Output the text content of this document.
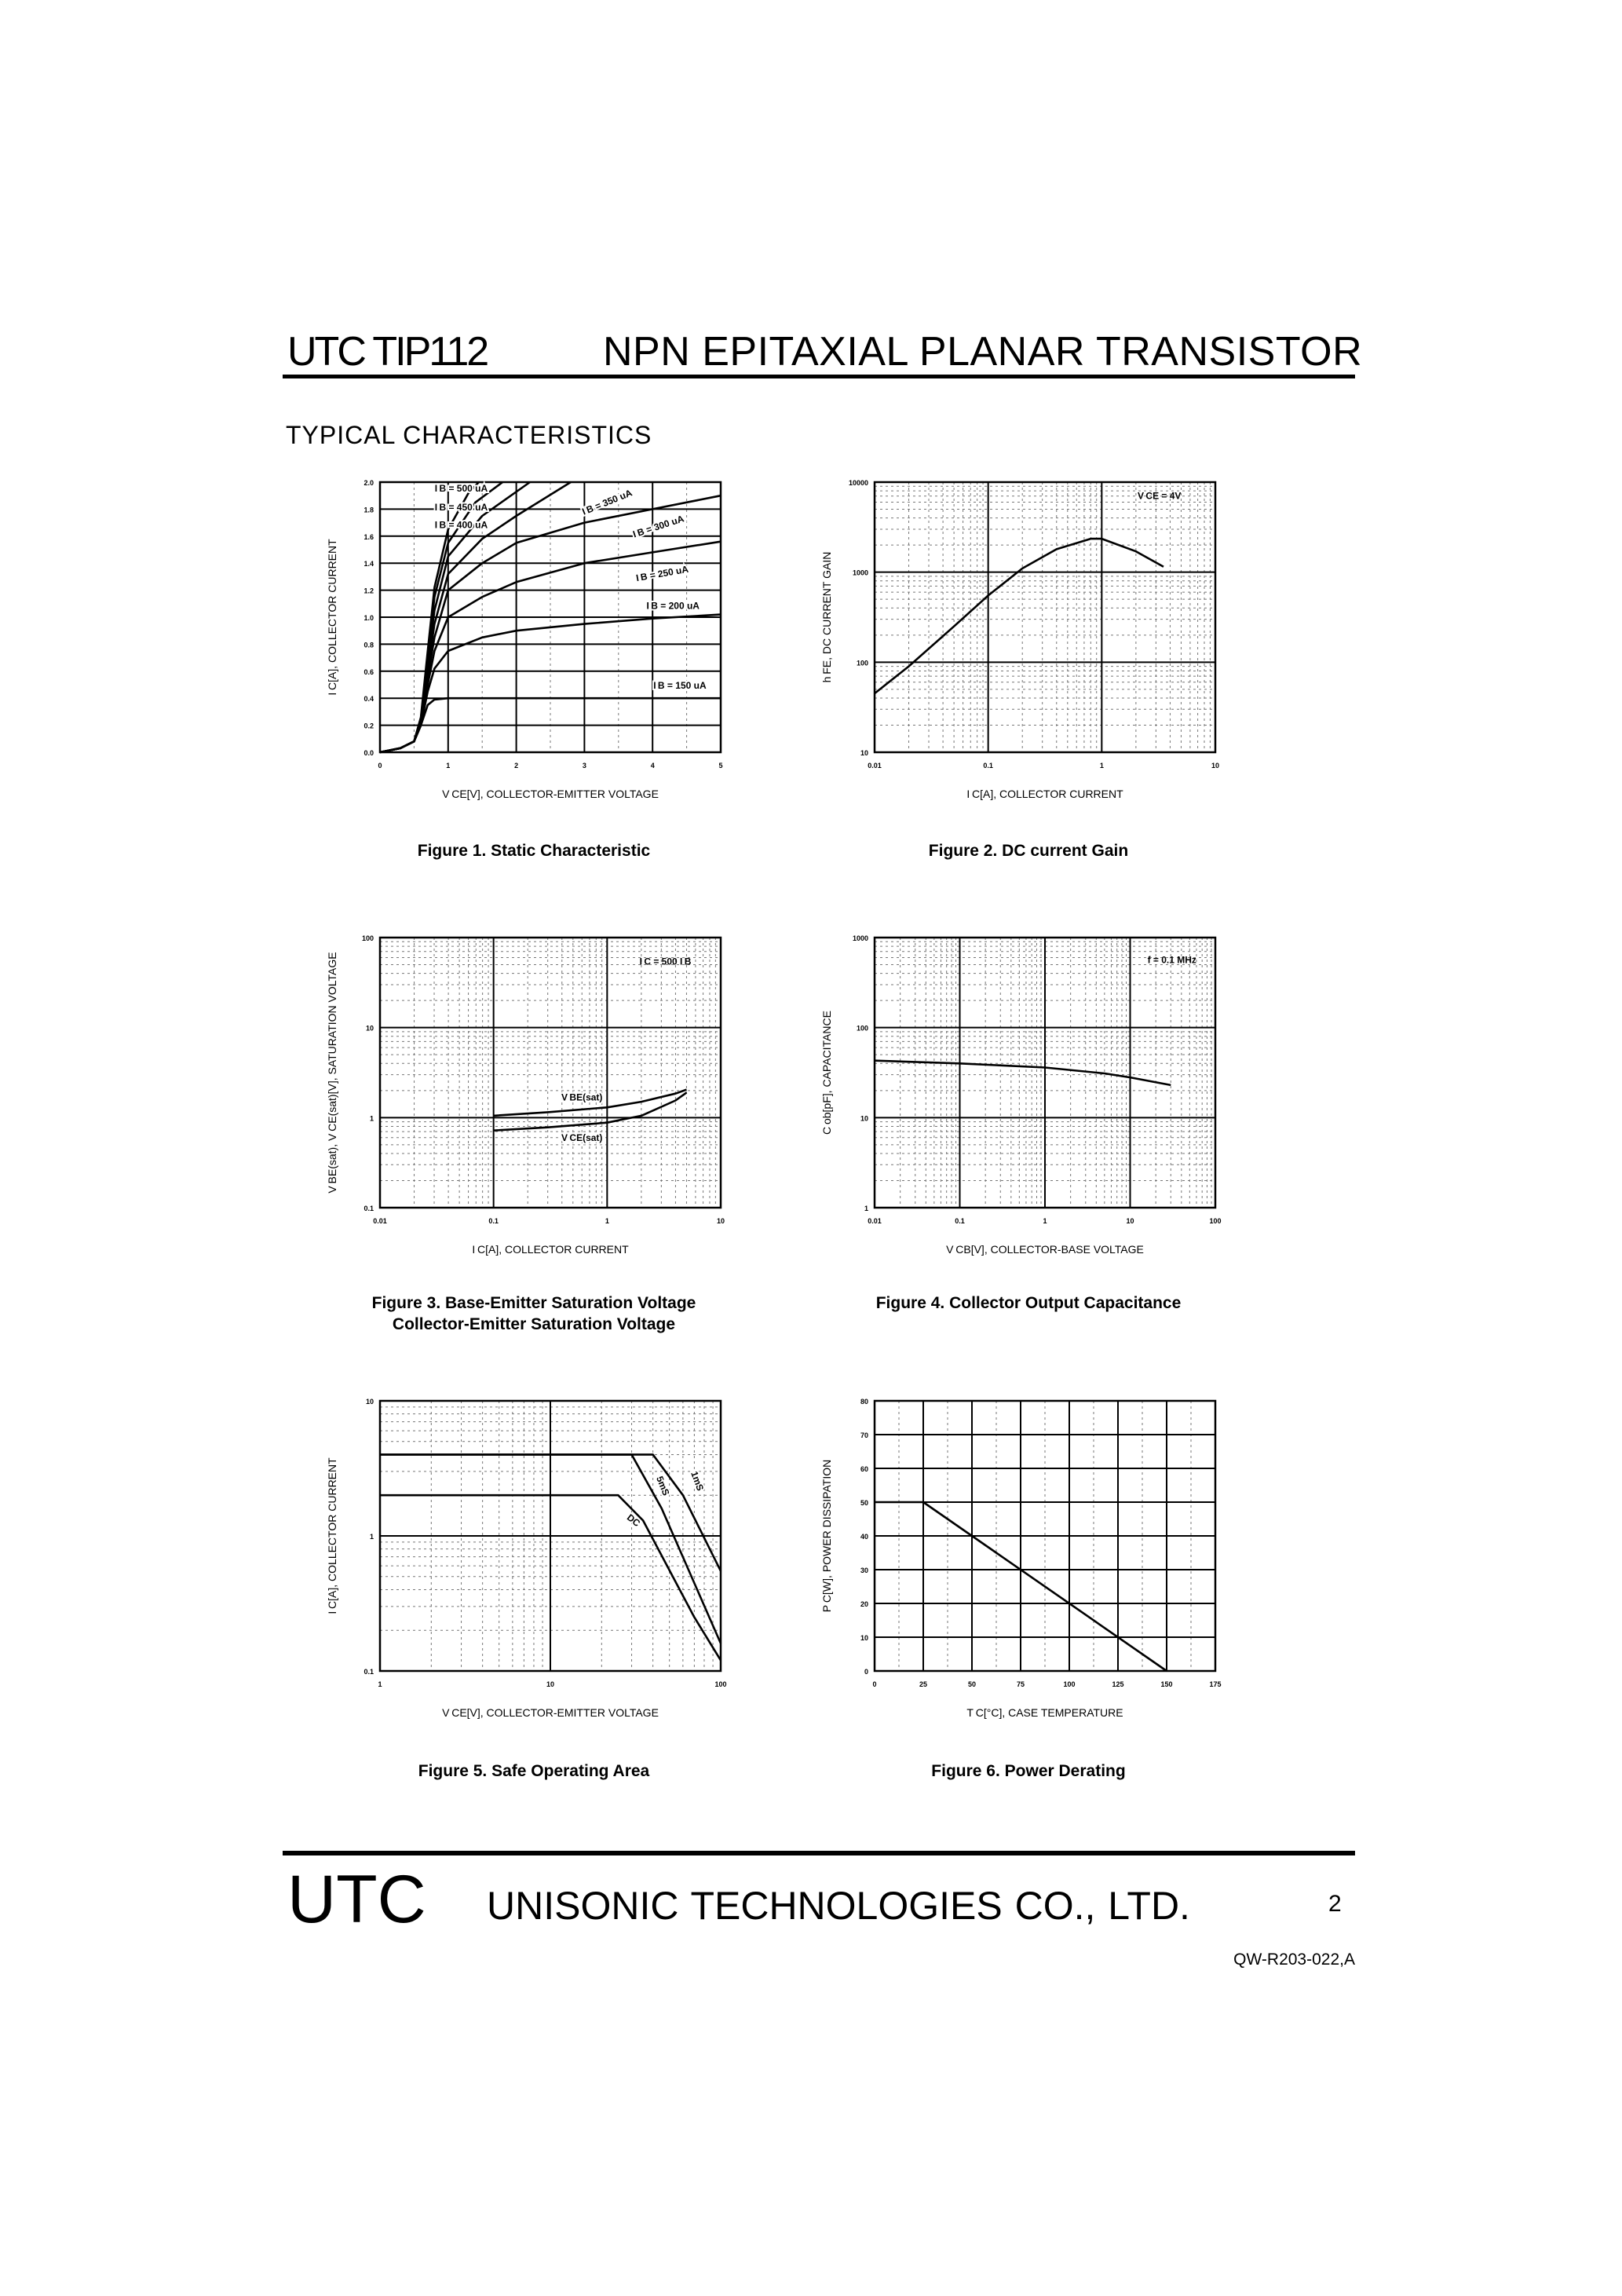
UTC TIP112	NPN EPITAXIAL PLANAR TRANSISTOR
TYPICAL CHARACTERISTICS
0	1	2	3	4	5
0.0
0.2
0.4
0.6
0.8
1.0
1.2
1.4
1.6
1.8
2.0
I B = 150 uA
I B = 200 uA
I B = 250 uA
I B = 300 uA
I B = 350 uA
I B = 400 uA
I B = 450 uA
I B = 500 uA
V CE[V], COLLECTOR-EMITTER VOLTAGE
I C[A], COLLECTOR CURRENT
Figure 1. Static Characteristic
0.01	0.1	1	10
10
100
1000
10000
V CE = 4V
I C[A], COLLECTOR CURRENT
h FE, DC CURRENT GAIN
Figure 2. DC current Gain
0.01	0.1	1	10
0.1
1
10
100
V BE(sat)
V CE(sat)
I C = 500 I B
I C[A], COLLECTOR CURRENT
V BE(sat), V CE(sat)[V], SATURATION VOLTAGE
Figure 3. Base-Emitter Saturation Voltage
Collector-Emitter Saturation Voltage
0.01	0.1	1	10	100
1
10
100
1000
f = 0.1 MHz
V CB[V], COLLECTOR-BASE VOLTAGE
C ob[pF], CAPACITANCE
Figure 4. Collector Output Capacitance
1	10	100
0.1
1
10
DC
5mS 1mS
V CE[V], COLLECTOR-EMITTER VOLTAGE
I C[A], COLLECTOR CURRENT
Figure 5. Safe Operating Area
0	25	50	75	100	125	150	175
0
10
20
30
40
50
60
70
80
T C[°C], CASE TEMPERATURE
P C[W], POWER DISSIPATION
Figure 6. Power Derating
UTC UNISONIC TECHNOLOGIES CO., LTD.	2
QW-R203-022,A
